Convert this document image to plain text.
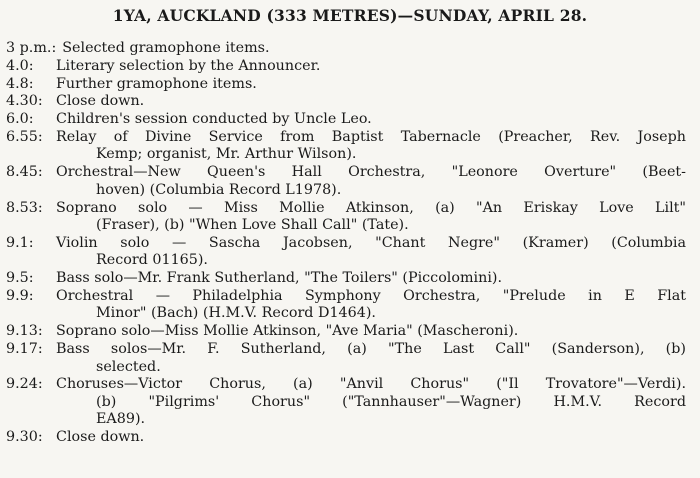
1YA, AUCKLAND (333 METRES)—SUNDAY, APRIL 28.
3 p.m.: Selected gramophone items.
4.0:	Literary selection by the Announcer.
4.8:	Further gramophone items.
4.30: Close down.
6.0:	Children's session conducted by Uncle Leo.
6.55: Relay of Divine Service from Baptist Tabernacle (Preacher, Rev. Joseph
Kemp; organist, Mr. Arthur Wilson).
8.45: Orchestral—New Queen's Hall Orchestra, "Leonore Overture" (Beet-
hoven) (Columbia Record L1978).
8.53: Soprano solo — Miss Mollie Atkinson, (a) "An Eriskay Love Lilt"
(Fraser), (b) "When Love Shall Call" (Tate).
9.1:	Violin solo — Sascha Jacobsen, "Chant Negre" (Kramer) (Columbia
Record 01165).
9.5:	Bass solo—Mr. Frank Sutherland, "The Toilers" (Piccolomini).
9.9:	Orchestral — Philadelphia Symphony Orchestra, "Prelude in E Flat
Minor" (Bach) (H.M.V. Record D1464).
9.13: Soprano solo—Miss Mollie Atkinson, "Ave Maria" (Mascheroni).
9.17: Bass solos—Mr. F. Sutherland, (a) "The Last Call" (Sanderson), (b)
selected.
9.24: Choruses—Victor Chorus, (a) "Anvil Chorus" ("Il Trovatore"—Verdi).
(b) "Pilgrims' Chorus" ("Tannhauser"—Wagner) H.M.V. Record
EA89).
9.30: Close down.
